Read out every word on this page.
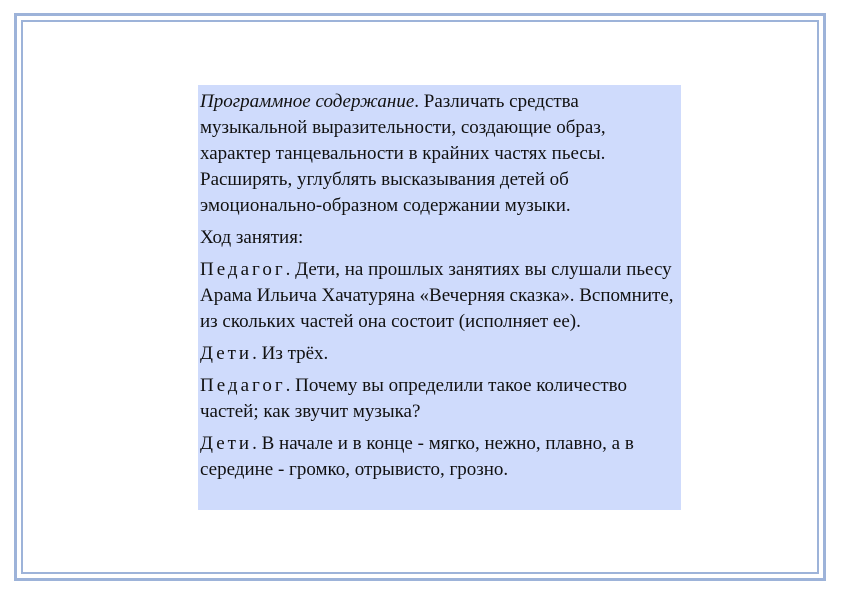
Программное содержание. Различать средства музыкальной выразительности, создающие образ, характер танцевальности в крайних частях пьесы. Расширять, углублять высказывания детей об эмоционально-образном содержании музыки.

Ход занятия:

Педагог. Дети, на прошлых занятиях вы слушали пьесу Арама Ильича Хачатуряна «Вечерняя сказка». Вспомните, из скольких частей она состоит (исполняет ее).

Дети. Из трёх.

Педагог. Почему вы определили такое количество частей; как звучит музыка?

Дети. В начале и в конце - мягко, нежно, плавно, а в середине - громко, отрывисто, грозно.
